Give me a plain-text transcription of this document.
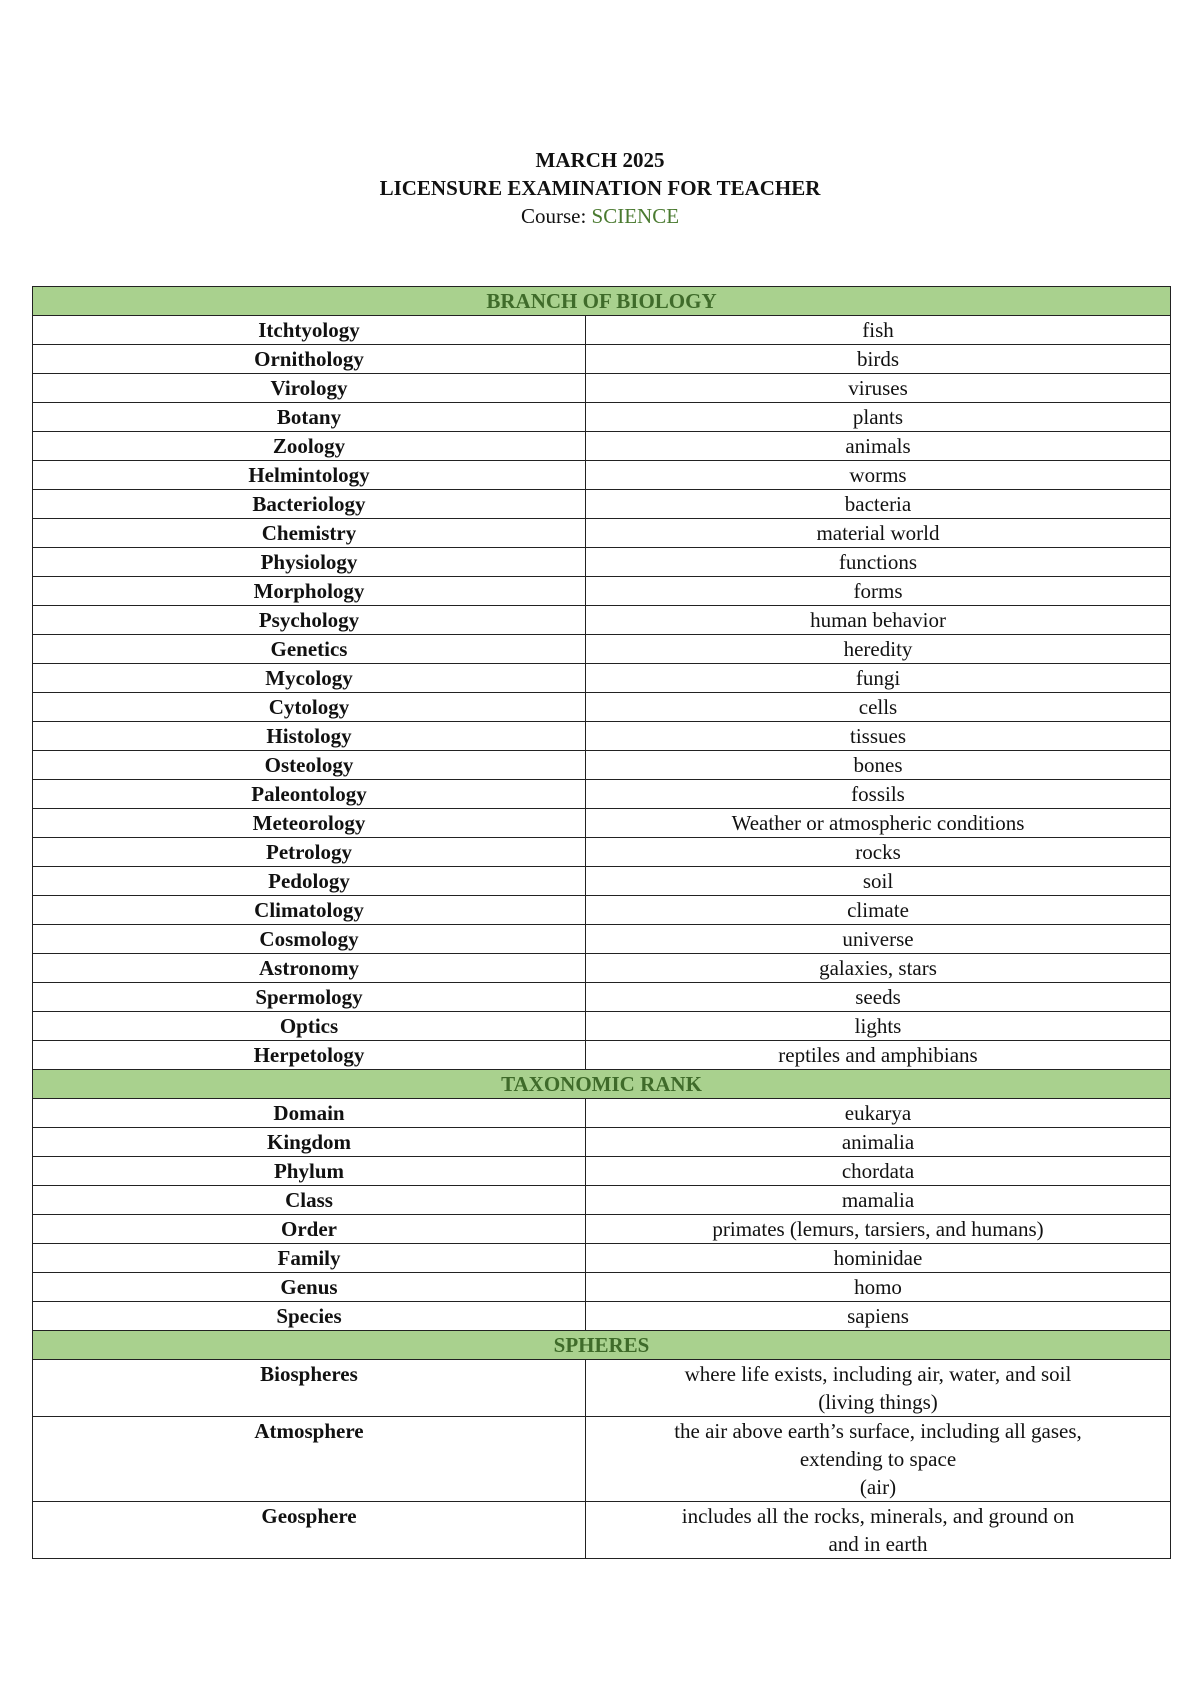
MARCH 2025
LICENSURE EXAMINATION FOR TEACHER
Course: SCIENCE
BRANCH OF BIOLOGY	
Itchtyology	fish
Ornithology	birds
Virology	viruses
Botany	plants
Zoology	animals
Helmintology	worms
Bacteriology	bacteria
Chemistry	material world
Physiology	functions
Morphology	forms
Psychology	human behavior
Genetics	heredity
Mycology	fungi
Cytology	cells
Histology	tissues
Osteology	bones
Paleontology	fossils
Meteorology	Weather or atmospheric conditions
Petrology	rocks
Pedology	soil
Climatology	climate
Cosmology	universe
Astronomy	galaxies, stars
Spermology	seeds
Optics	lights
Herpetology	reptiles and amphibians
TAXONOMIC RANK	
Domain	eukarya
Kingdom	animalia
Phylum	chordata
Class	mamalia
Order	primates (lemurs, tarsiers, and humans)
Family	hominidae
Genus	homo
Species	sapiens
SPHERES	
Biospheres	where life exists, including air, water, and soil
(living things)
Atmosphere	the air above earth’s surface, including all gases,
extending to space
(air)
Geosphere	includes all the rocks, minerals, and ground on
and in earth
